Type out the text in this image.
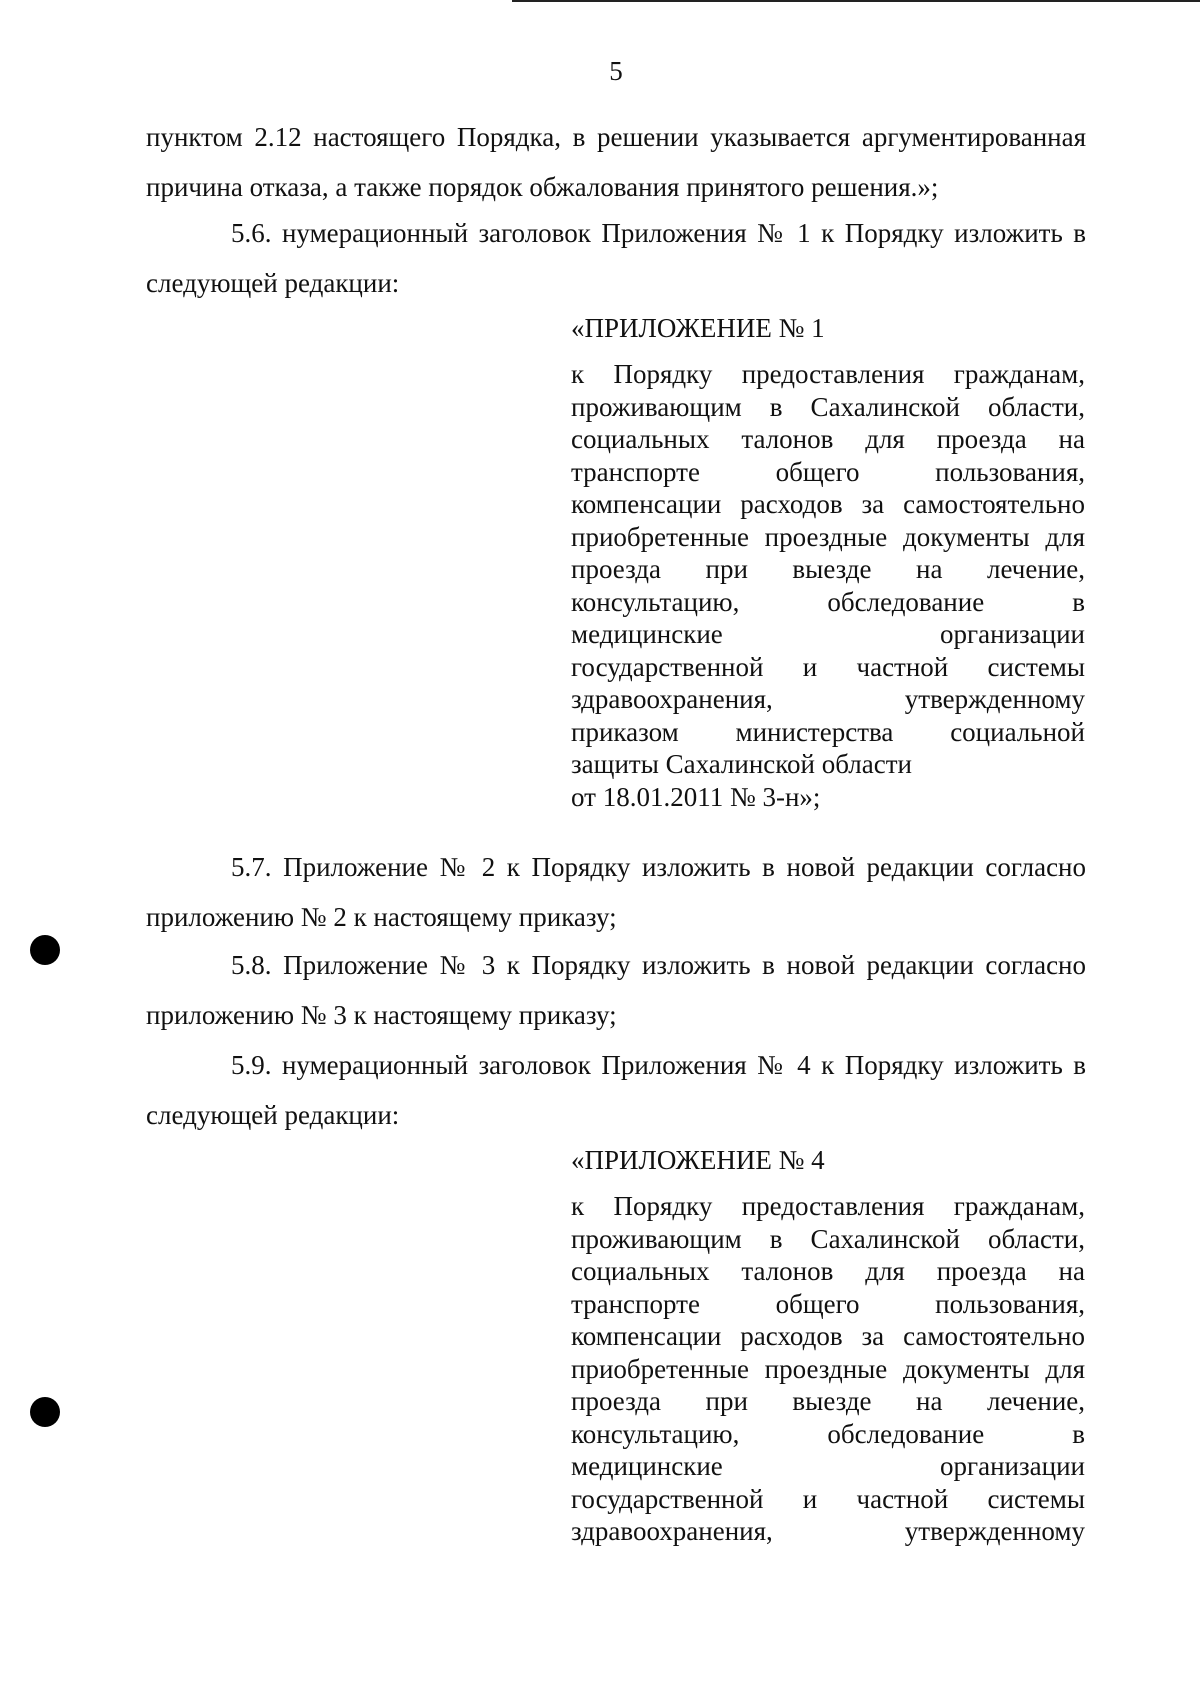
5

пунктом 2.12 настоящего Порядка, в решении указывается аргументированная

причина отказа, а также порядок обжалования принятого решения.»;

5.6. нумерационный заголовок Приложения № 1 к Порядку изложить в

следующей редакции:

«ПРИЛОЖЕНИЕ № 1
к Порядку предоставления гражданам,
проживающим в Сахалинской области,
социальных талонов для проезда на
транспорте общего пользования,
компенсации расходов за самостоятельно
приобретенные проездные документы для
проезда при выезде на лечение,
консультацию, обследование в
медицинские организации
государственной и частной системы
здравоохранения, утвержденному
приказом министерства социальной
защиты Сахалинской области
от 18.01.2011 № 3-н»;

5.7. Приложение № 2 к Порядку изложить в новой редакции согласно

приложению № 2 к настоящему приказу;

5.8. Приложение № 3 к Порядку изложить в новой редакции согласно

приложению № 3 к настоящему приказу;

5.9. нумерационный заголовок Приложения № 4 к Порядку изложить в

следующей редакции:

«ПРИЛОЖЕНИЕ № 4
к Порядку предоставления гражданам,
проживающим в Сахалинской области,
социальных талонов для проезда на
транспорте общего пользования,
компенсации расходов за самостоятельно
приобретенные проездные документы для
проезда при выезде на лечение,
консультацию, обследование в
медицинские организации
государственной и частной системы
здравоохранения, утвержденному
